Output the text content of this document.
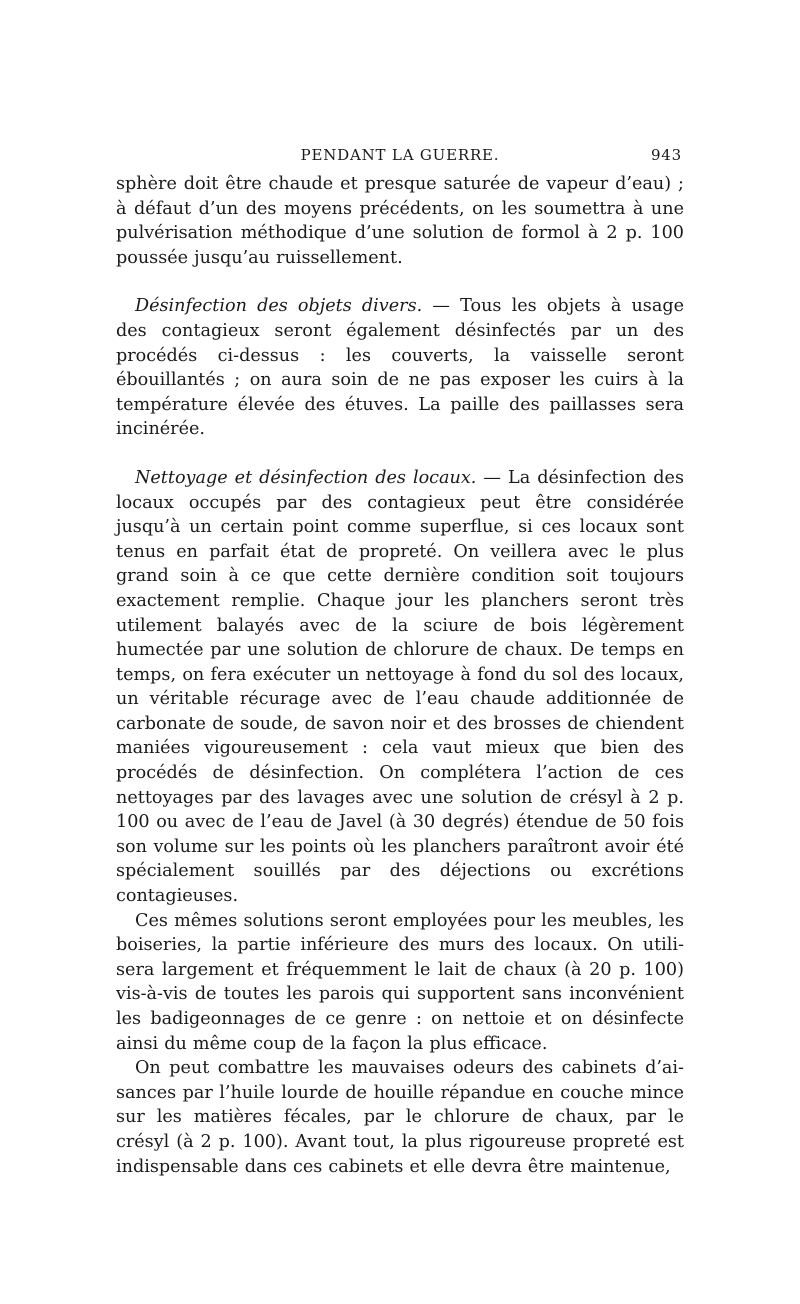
PENDANT LA GUERRE.	943

sphère doit être chaude et presque saturée de vapeur d’eau) ; à défaut d’un des moyens précédents, on les soumettra à une pulvérisation méthodique d’une solution de formol à 2 p. 100 poussée jusqu’au ruissellement.

Désinfection des objets divers. — Tous les objets à usage des contagieux seront également désinfectés par un des procédés ci-dessus : les couverts, la vaisselle seront ébouillantés ; on aura soin de ne pas exposer les cuirs à la température élevée des étuves. La paille des paillasses sera incinérée.

Nettoyage et désinfection des locaux. — La désinfection des locaux occupés par des contagieux peut être considérée jusqu’à un certain point comme superflue, si ces locaux sont tenus en parfait état de propreté. On veillera avec le plus grand soin à ce que cette dernière condition soit toujours exactement remplie. Chaque jour les planchers seront très utilement balayés avec de la sciure de bois légèrement humectée par une solution de chlorure de chaux. De temps en temps, on fera exécuter un nettoyage à fond du sol des locaux, un véritable récurage avec de l’eau chaude additionnée de carbonate de soude, de savon noir et des brosses de chiendent maniées vigoureusement : cela vaut mieux que bien des procédés de désinfection. On complétera l’action de ces nettoyages par des lavages avec une solution de crésyl à 2 p. 100 ou avec de l’eau de Javel (à 30 degrés) étendue de 50 fois son volume sur les points où les planchers paraîtront avoir été spécialement souillés par des déjections ou excrétions contagieuses.

Ces mêmes solutions seront employées pour les meubles, les boiseries, la partie inférieure des murs des locaux. On utilisera largement et fréquemment le lait de chaux (à 20 p. 100) vis-à-vis de toutes les parois qui supportent sans inconvénient les badigeonnages de ce genre : on nettoie et on désinfecte ainsi du même coup de la façon la plus efficace.

On peut combattre les mauvaises odeurs des cabinets d’aisances par l’huile lourde de houille répandue en couche mince sur les matières fécales, par le chlorure de chaux, par le crésyl (à 2 p. 100). Avant tout, la plus rigoureuse propreté est indispensable dans ces cabinets et elle devra être maintenue,
